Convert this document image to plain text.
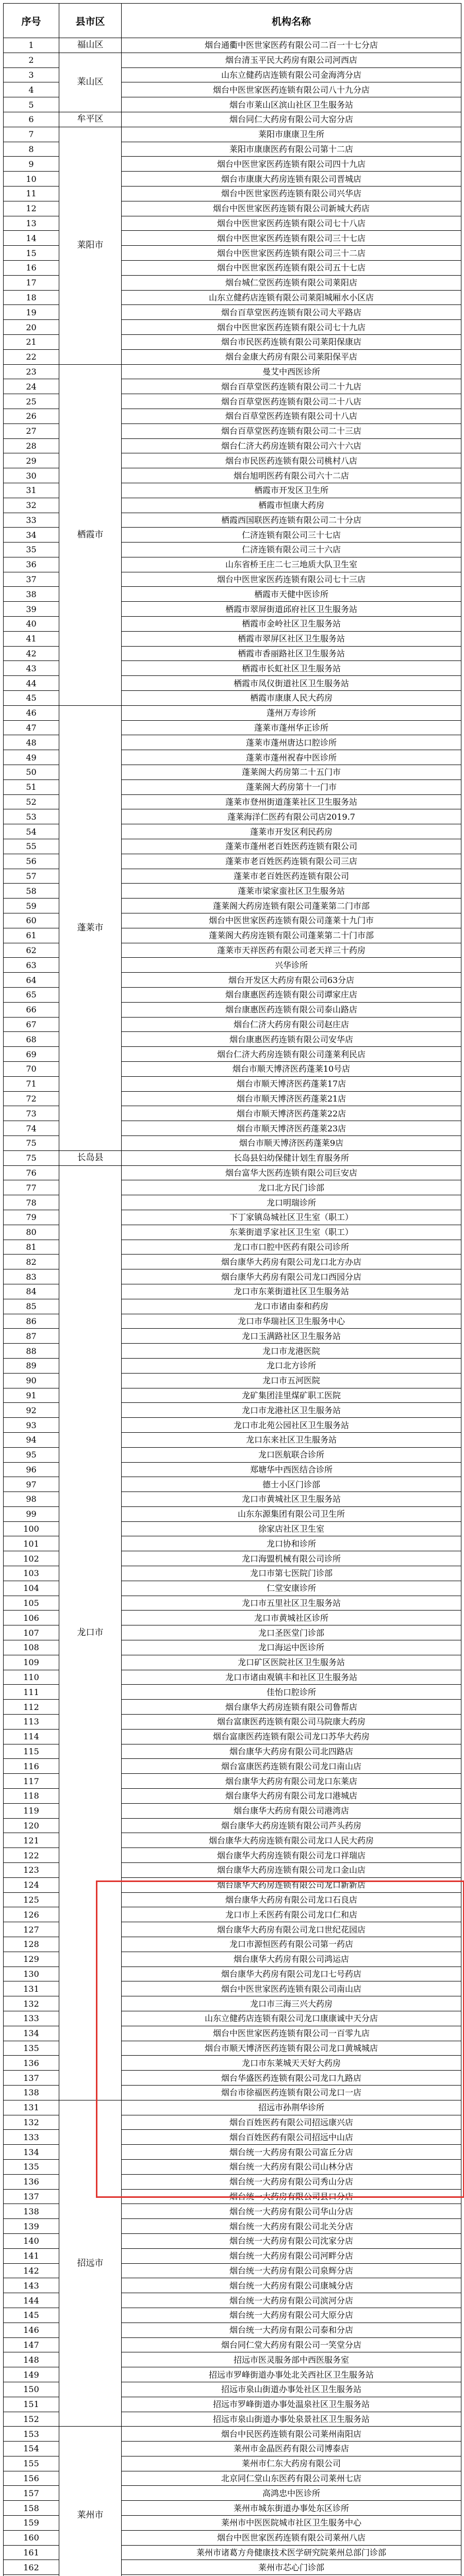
序号	县市区	机构名称
1	福山区	烟台通衢中医世家医药有限公司二百一十七分店
2	莱山区	烟台清玉平民大药房有限公司河西店
3		山东立健药店连锁有限公司金海湾分店
4		烟台中医世家医药连锁有限公司八十九分店
5		烟台市莱山区滨山社区卫生服务站
6	牟平区	烟台同仁大药房有限公司大窑分店
7	莱阳市	莱阳市康康卫生所
8		莱阳市康康医药有限公司第十二店
9		烟台中医世家医药连锁有限公司四十九店
10		烟台市康康大药房连锁有限公司晋城店
11		烟台中医世家医药连锁有限公司兴华店
12		烟台中医世家医药连锁有限公司新城大药店
13		烟台中医世家医药连锁有限公司七十八店
14		烟台中医世家医药连锁有限公司三十七店
15		烟台中医世家医药连锁有限公司三十二店
16		烟台中医世家医药连锁有限公司五十七店
17		烟台城仁堂医药连锁有限公司莱阳店
18		山东立健药店连锁有限公司莱阳城厢水小区店
19		烟台百草堂医药连锁有限公司大平路店
20		烟台中医世家医药连锁有限公司七十九店
21		烟台市民医药连锁有限公司莱阳保康店
22		烟台金康大药房有限公司莱阳保平店
23	栖霞市	曼艾中西医诊所
24		烟台百草堂医药连锁有限公司二十九店
25		烟台百草堂医药连锁有限公司二十八店
26		烟台百草堂医药连锁有限公司十八店
27		烟台百草堂医药连锁有限公司二十三店
28		烟台仁济大药房连锁有限公司六十六店
29		烟台市民医药连锁有限公司桃村八店
30		烟台旭明医药有限公司六十二店
31		栖霞市开发区卫生所
32		栖霞市恒康大药房
33		栖霞西国联医药连锁有限公司二十分店
34		仁济连锁有限公司三十七店
35		仁济连锁有限公司三十六店
36		山东省桥王庄二七三地质大队卫生室
37		烟台中医世家医药连锁有限公司七十三店
38		栖霞市天健中医诊所
39		栖霞市翠屏街道邱府社区卫生服务站
40		栖霞市金岭社区卫生服务站
41		栖霞市翠屏区社区卫生服务站
42		栖霞市香丽路社区卫生服务站
43		栖霞市长虹社区卫生服务站
44		栖霞市凤仪街道社区卫生服务站
45		栖霞市康康人民大药房
46	蓬莱市	蓬州万寿诊所
47		蓬莱市蓬州华正诊所
48		蓬莱市蓬州唐达口腔诊所
49		蓬莱市蓬州祝春中医诊所
50		蓬莱阁大药房第二十五门市
51		蓬莱阁大药房第十一门市
52		蓬莱市登州街道蓬莱社区卫生服务站
53		蓬莱海洋仁医药有限公司店2019.7
54		蓬莱市开发区利民药房
55		蓬莱市蓬州老百姓医药连锁有限公司
56		蓬莱市老百姓医药连锁有限公司三店
57		蓬莱市老百姓医药连锁有限公司
58		蓬莱市梁家蛮社区卫生服务站
59		蓬莱阁大药房连锁有限公司蓬莱第二门市部
60		烟台中医世家医药连锁有限公司蓬莱十九门市
61		蓬莱阁大药房连锁有限公司蓬莱第二十门市部
62		蓬莱市天祥医药有限公司老天祥三十药房
63		兴华诊所
64		烟台开发区大药房有限公司63分店
65		烟台康惠医药连锁有限公司谭家庄店
66		烟台康惠医药连锁有限公司泰山路店
67		烟台仁济大药房有限公司赵庄店
68		烟台康惠医药连锁有限公司安华店
69		烟台仁济大药房连锁有限公司蓬莱利民店
70		烟台市顺天博济医药蓬莱10号店
71		烟台市顺天博济医药蓬莱17店
72		烟台市顺天博济医药蓬莱21店
73		烟台市顺天博济医药蓬莱22店
74		烟台市顺天博济医药蓬莱23店
75		烟台市顺天博济医药蓬莱9店
75	长岛县	长岛县妇幼保健计划生育服务所
76	龙口市	烟台富华大医药连锁有限公司巨安店
77		龙口北方民门诊部
78		龙口明瑞诊所
79		下丁家镇岛城社区卫生室（职工）
80		东莱街道孚家社区卫生室（职工）
81		龙口市口腔中医药有限公司诊所
82		烟台康华大药房有限公司龙口北方办店
83		烟台康华大药房有限公司龙口西园分店
84		龙口市东莱街道社区卫生服务站
85		龙口市诸由泰和药房
86		龙口市华瑞社区卫生服务中心
87		龙口玉满路社区卫生服务站
88		龙口市龙港医院
89		龙口北方诊所
90		龙口市五河医院
91		龙矿集团洼里煤矿职工医院
92		龙口市龙港社区卫生服务站
93		龙口市北苑公园社区卫生服务站
94		龙口东来社区卫生服务站
95		龙口医航联合诊所
96		郑塘华中西医结合诊所
97		德士小区门诊部
98		龙口市黄城社区卫生服务站
99		山东东源集团有限公司卫生所
100		徐家店社区卫生室
101		龙口协和诊所
102		龙口海盟机械有限公司诊所
103		龙口市第七医院门诊部
104		仁堂安康诊所
105		龙口市五里社区卫生服务站
106		龙口市黄城社区诊所
107		龙口圣医堂门诊部
108		龙口海运中医诊所
109		龙口矿区医院社区卫生服务站
110		龙口市诸由观镇丰和社区卫生服务站
111		佳怡口腔诊所
112		烟台康华大药房连锁有限公司鲁帮店
113		烟台富康医药连锁有限公司马院康大药房
114		烟台富康医药连锁有限公司龙口苏华大药房
115		烟台康华大药房有限公司北四路店
116		烟台富康医药连锁有限公司龙口南山店
117		烟台康华大药房有限公司龙口东莱店
118		烟台康华大药房有限公司龙口港城店
119		烟台康华大药房有限公司港湾店
120		烟台康华大药房连锁有限公司芦头药房
121		烟台康华大药房连锁有限公司龙口人民大药房
122		烟台康华大药房连锁有限公司龙口祥瑞店
123		烟台康华大药房连锁有限公司龙口金山店
124		烟台康华大药房连锁有限公司龙口新新店
125		烟台康华大药房有限公司龙口石良店
126		龙口市上禾医药有限公司龙口仁和店
127		烟台康华大药房有限公司龙口世纪花园店
128		龙口市源恒医药有限公司第一药店
129		烟台康华大药房有限公司鸿运店
130		烟台康华大药房有限公司龙口七号药店
131		烟台中医世家医药连锁有限公司南山店
132		龙口市三海三兴大药房
133		山东立健药店连锁有限公司龙口康康诚中天分店
134		烟台中医世家医药连锁有限公司一百零九店
135		烟台市顺天博济医药连锁有限公司龙口黄城城店
136		龙口市东莱城天天好大药房
137		烟台华盛医药连锁有限公司龙口九路店
138		烟台市徐福医药连锁有限公司龙口一店
131	招远市	招远市孙荆华诊所
132		烟台百姓医药有限公司招远康兴店
133		烟台百姓医药有限公司招远中山店
134		烟台统一大药房有限公司富丘分店
135		烟台统一大药房有限公司山林分店
136		烟台统一大药房有限公司秀山分店
137		烟台统一大药房有限公司县口分店
138		烟台统一大药房有限公司华山分店
139		烟台统一大药房有限公司北关分店
140		烟台统一大药房有限公司沈家分店
141		烟台统一大药房有限公司河畔分店
142		烟台统一大药房有限公司泉辉分店
143		烟台统一大药房有限公司康城分店
144		烟台统一大药房有限公司滨河分店
145		烟台统一大药房有限公司大原分店
146		烟台统一大药房有限公司泰和分店
147		烟台同仁堂大药房有限公司一笑堂分店
148		招远市医灵服务部中西医服务室
149		招远市罗峰街道办事处北关西社区卫生服务站
150		招远市泉山街道办事处社区卫生服务站
151		招远市罗峰街道办事处温泉社区卫生服务站
152		招远市泉山街道办事处泉景社区卫生服务站
153	莱州市	烟台中民医药连锁有限公司莱州南阳店
154		莱州市金晶医药有限公司博泰店
155		莱州市仁东大药房有限公司
156		北京同仁堂山东医药有限公司莱州七店
157		高鸿忠中医诊所
158		莱州市城东街道办事处东区诊所
159		莱州市中医医院城市社区卫生服务中心
160		烟台中医世家医药连锁有限公司莱州八店
161		莱州市诸葛方舟健康技术医学研究院莱州总部门诊部
162		莱州市芯心门诊部
